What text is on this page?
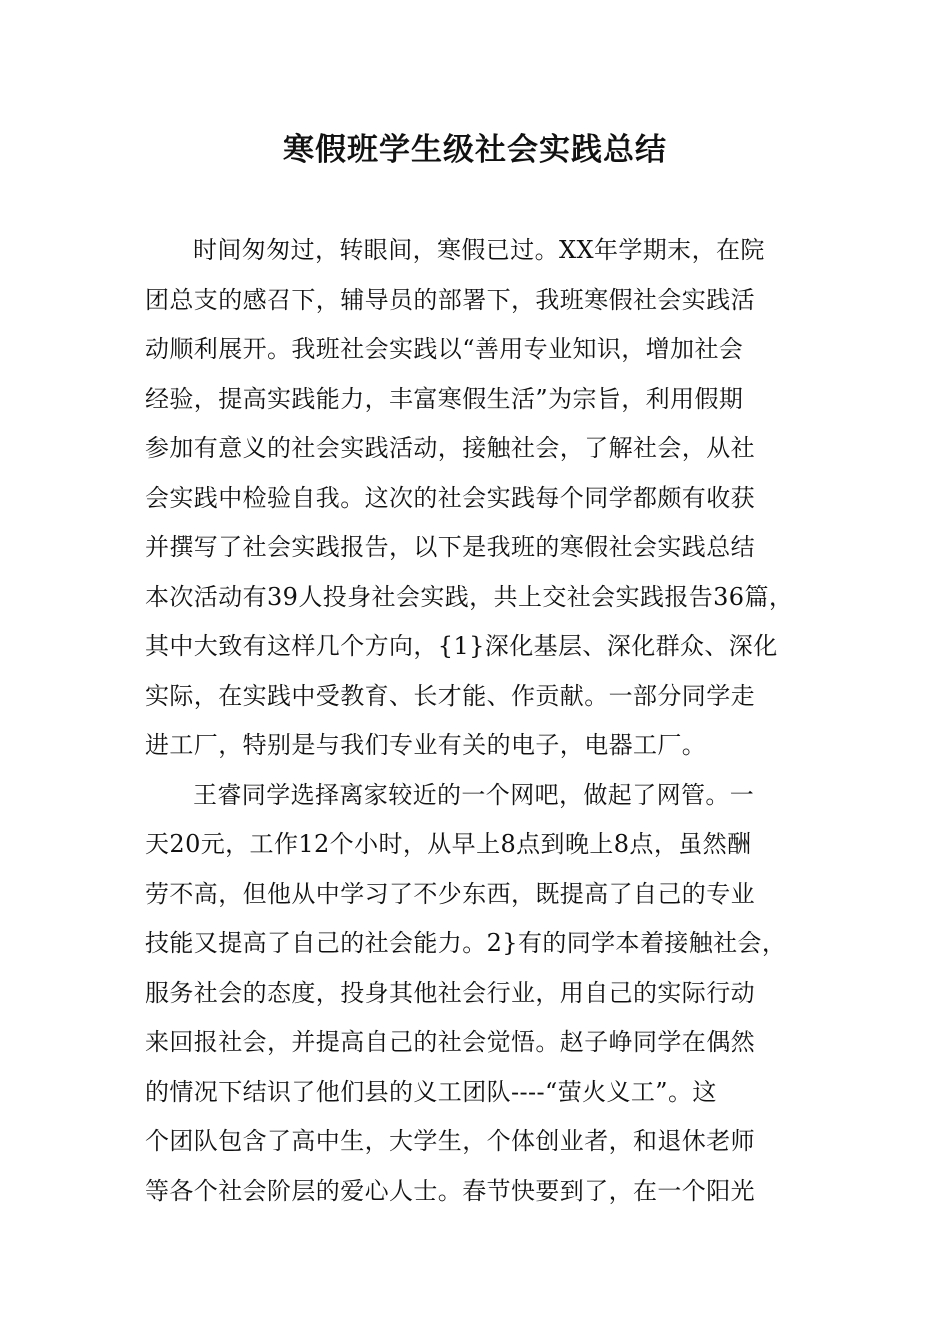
寒假班学生级社会实践总结
时间匆匆过，转眼间，寒假已过。XX年学期末，在院
团总支的感召下，辅导员的部署下，我班寒假社会实践活
动顺利展开。我班社会实践以“善用专业知识，增加社会
经验，提高实践能力，丰富寒假生活”为宗旨，利用假期
参加有意义的社会实践活动，接触社会，了解社会，从社
会实践中检验自我。这次的社会实践每个同学都颇有收获
并撰写了社会实践报告，以下是我班的寒假社会实践总结
本次活动有39人投身社会实践，共上交社会实践报告36篇，
其中大致有这样几个方向，{1}深化基层、深化群众、深化
实际，在实践中受教育、长才能、作贡献。一部分同学走
进工厂，特别是与我们专业有关的电子，电器工厂。
王睿同学选择离家较近的一个网吧，做起了网管。一
天20元，工作12个小时，从早上8点到晚上8点，虽然酬
劳不高，但他从中学习了不少东西，既提高了自己的专业
技能又提高了自己的社会能力。2}有的同学本着接触社会，
服务社会的态度，投身其他社会行业，用自己的实际行动
来回报社会，并提高自己的社会觉悟。赵子峥同学在偶然
的情况下结识了他们县的义工团队----“萤火义工”。这
个团队包含了高中生，大学生，个体创业者，和退休老师
等各个社会阶层的爱心人士。春节快要到了，在一个阳光
